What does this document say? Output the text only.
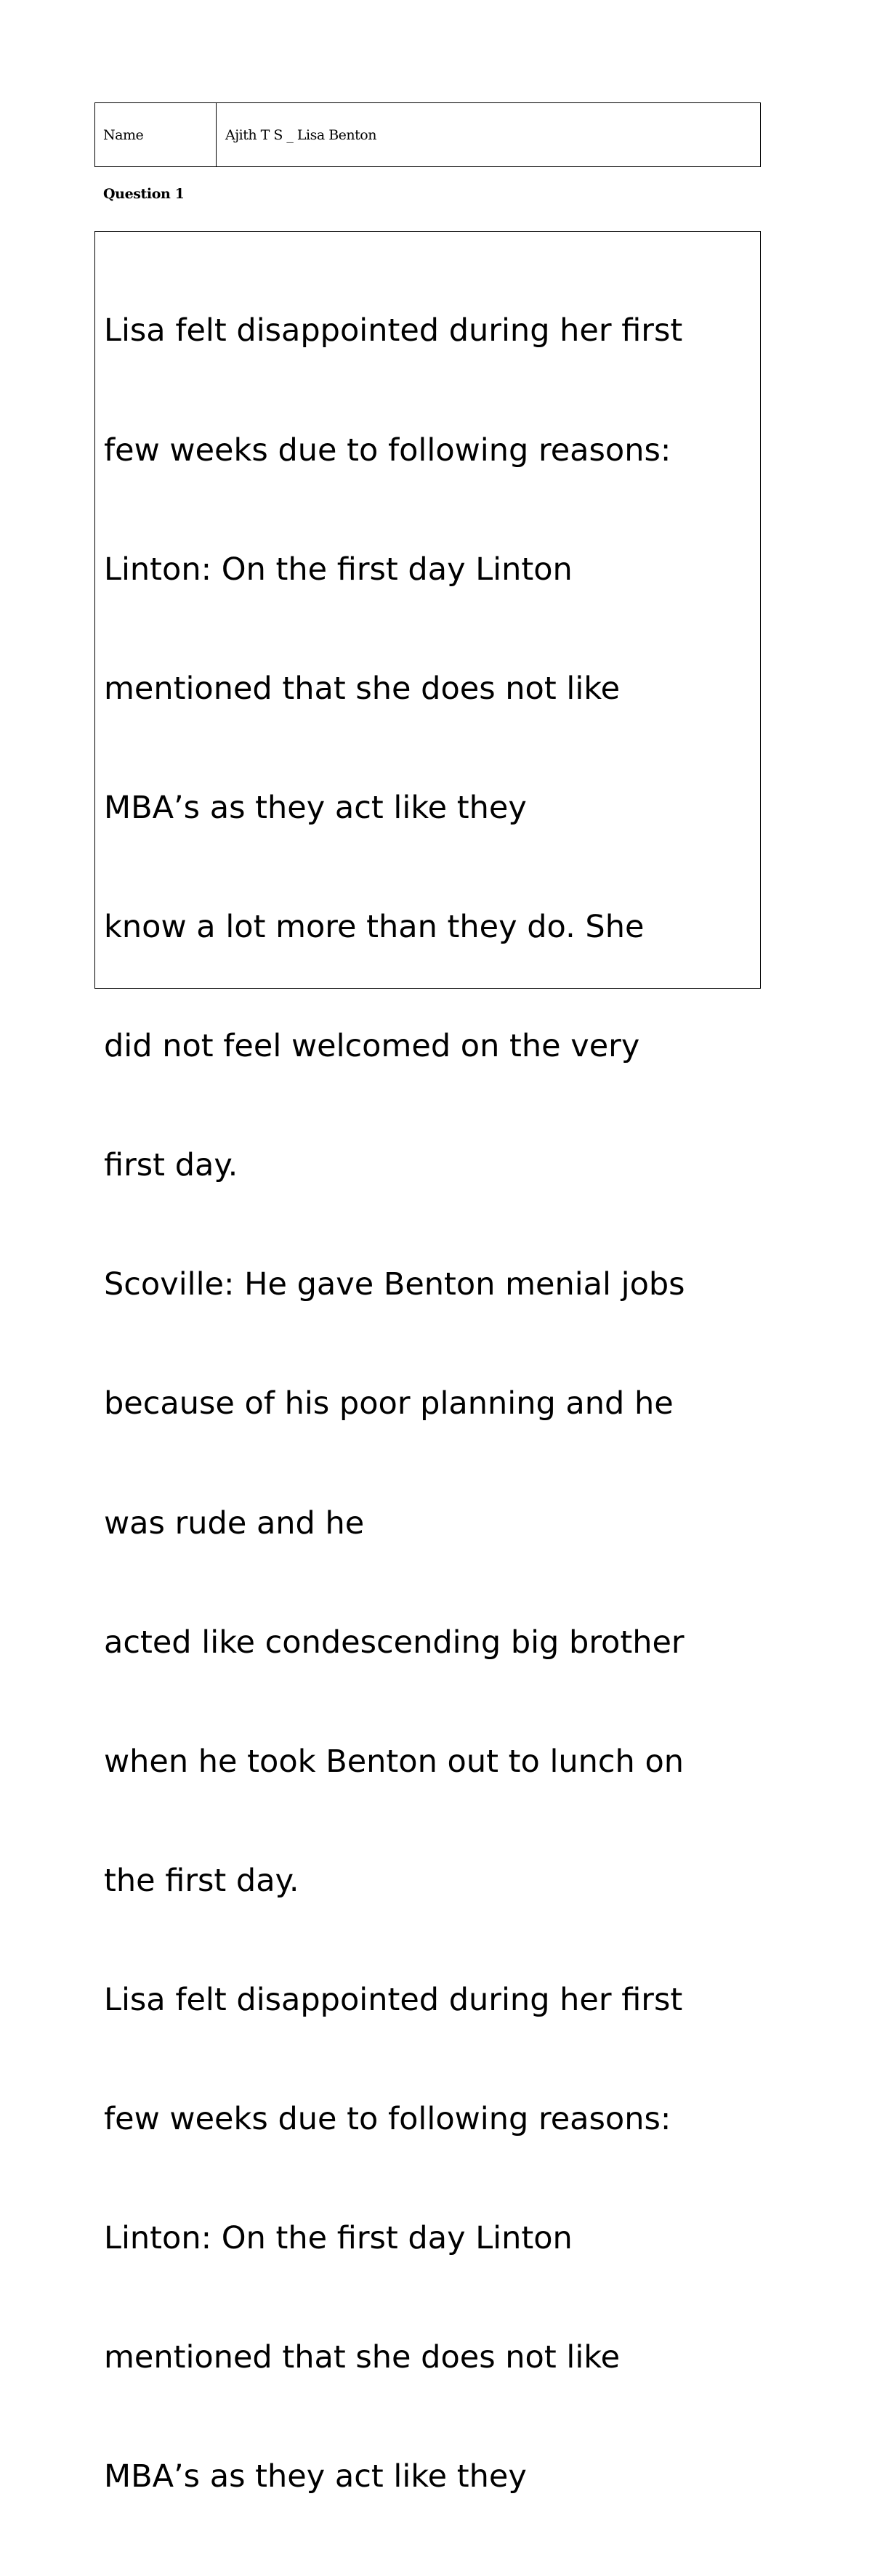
Name	Ajith T S _ Lisa Benton
Question 1

Lisa felt disappointed during her first

few weeks due to following reasons:

Linton: On the first day Linton

mentioned that she does not like

MBA’s as they act like they

know a lot more than they do. She

did not feel welcomed on the very

first day.

Scoville: He gave Benton menial jobs

because of his poor planning and he

was rude and he

acted like condescending big brother

when he took Benton out to lunch on

the first day.

Lisa felt disappointed during her first

few weeks due to following reasons:

Linton: On the first day Linton

mentioned that she does not like

MBA’s as they act like they
